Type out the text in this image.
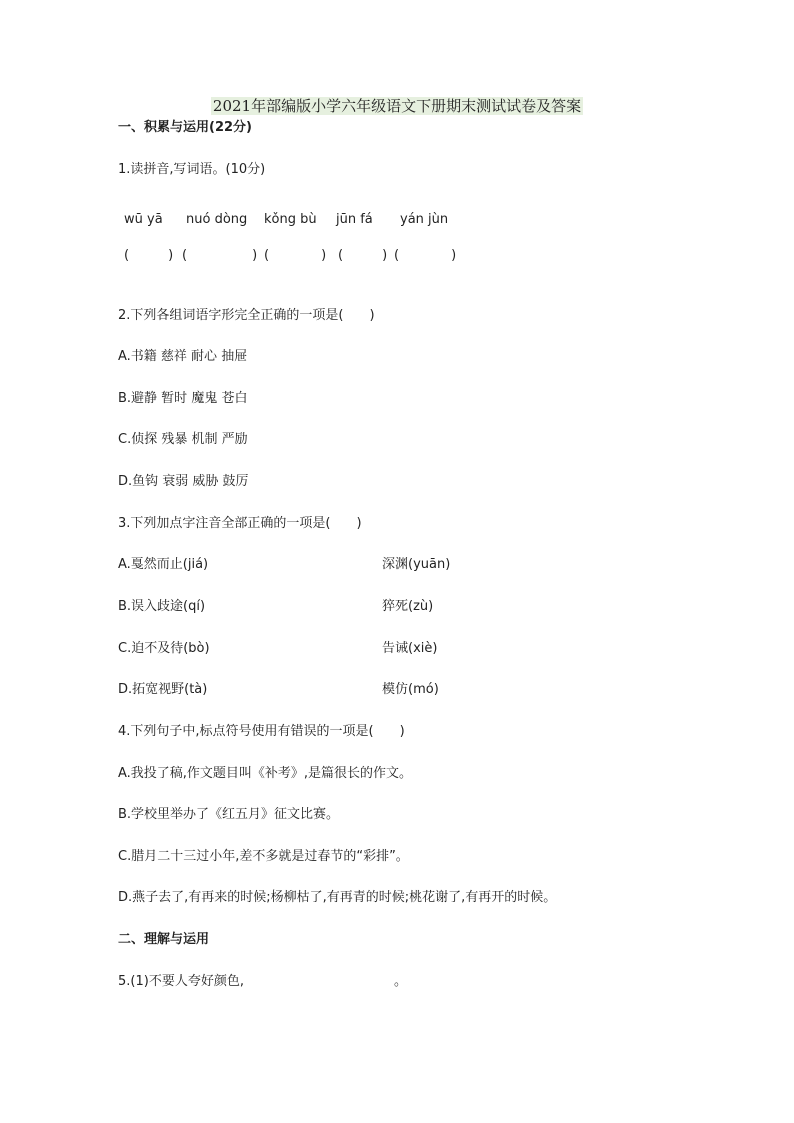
2021年部编版小学六年级语文下册期末测试试卷及答案
一、积累与运用(22分)
1.读拼音,写词语。(10分)
wū yā nuó dòng kǒng bù jūn fá yán jùn
(　　　) (　　　　　) (　　　　) (　　　) (　　　　)
2.下列各组词语字形完全正确的一项是(　　)
A.书籍 慈祥 耐心 抽屉
B.避静 暂时 魔鬼 苍白
C.侦探 残暴 机制 严励
D.鱼钩 衰弱 威胁 鼓厉
3.下列加点字注音全部正确的一项是(　　)
A.戛然而止(jiá)	深渊(yuān)
B.误入歧途(qí)	猝死(zù)
C.迫不及待(bò)	告诫(xiè)
D.拓宽视野(tà)	模仿(mó)
4.下列句子中,标点符号使用有错误的一项是(　　)
A.我投了稿,作文题目叫《补考》,是篇很长的作文。
B.学校里举办了《红五月》征文比赛。
C.腊月二十三过小年,差不多就是过春节的“彩排”。
D.燕子去了,有再来的时候;杨柳枯了,有再青的时候;桃花谢了,有再开的时候。
二、理解与运用
5.(1)不要人夸好颜色,	。
